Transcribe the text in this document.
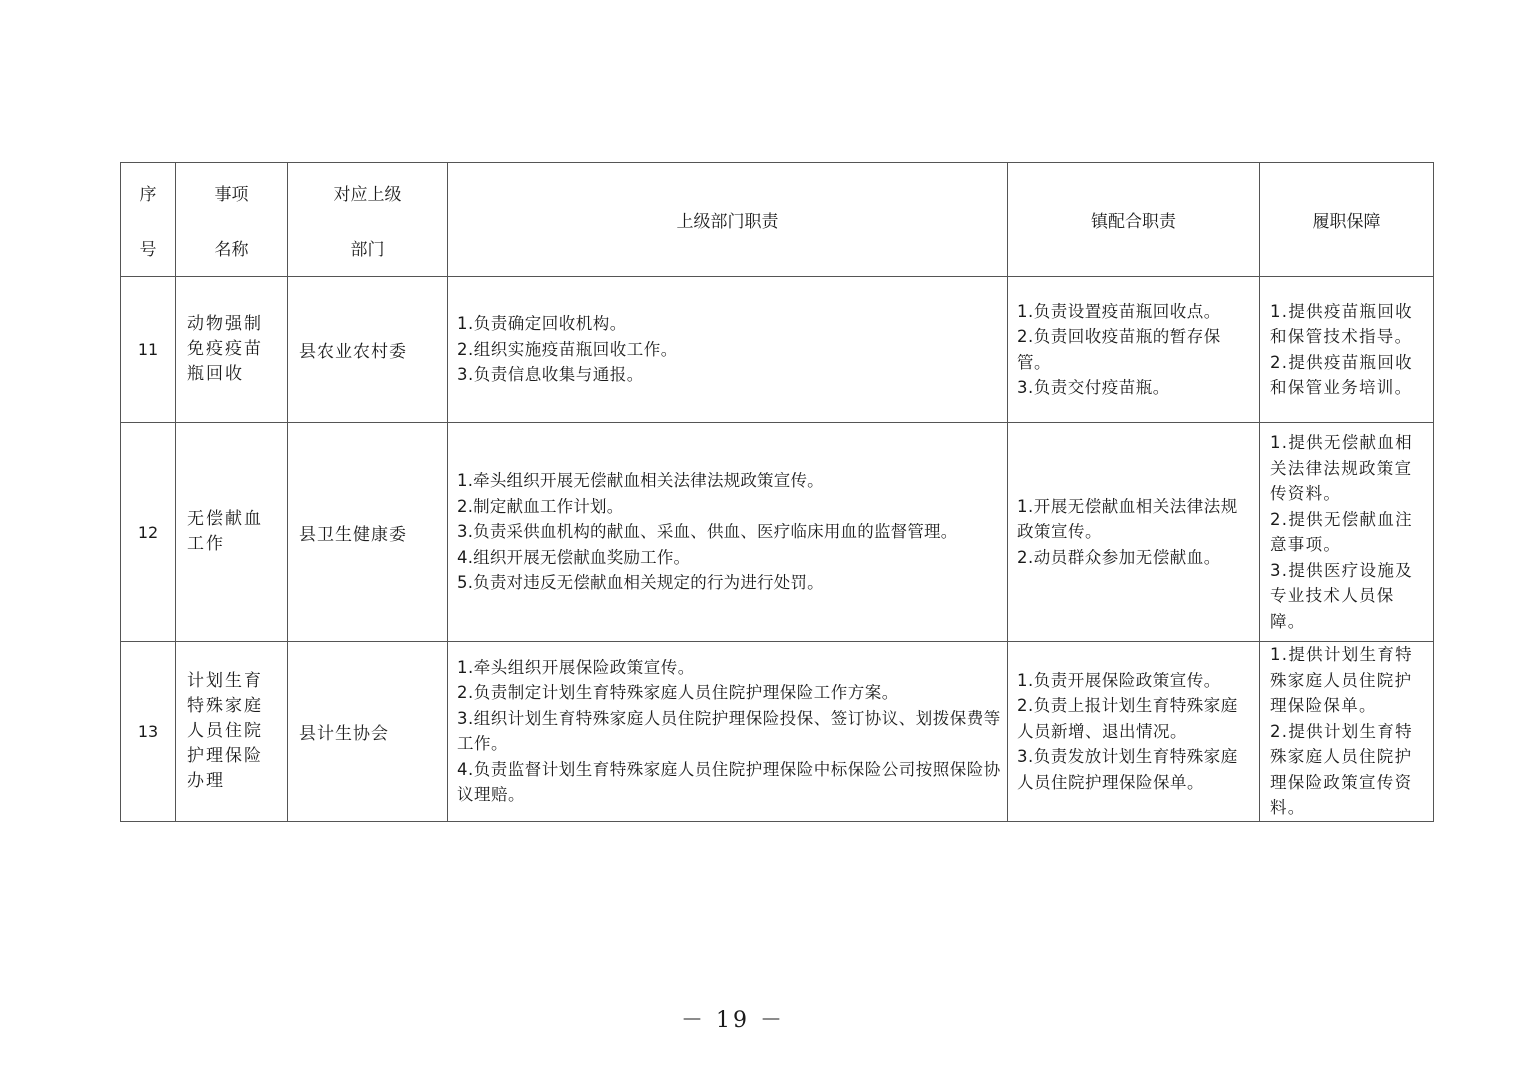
序
号	事项
名称	对应上级
部门	上级部门职责	镇配合职责	履职保障
11	动物强制免疫疫苗瓶回收	县农业农村委	1.负责确定回收机构。
2.组织实施疫苗瓶回收工作。
3.负责信息收集与通报。	1.负责设置疫苗瓶回收点。
2.负责回收疫苗瓶的暂存保管。
3.负责交付疫苗瓶。	1.提供疫苗瓶回收和保管技术指导。
2.提供疫苗瓶回收和保管业务培训。

12	无偿献血工作	县卫生健康委	1.牵头组织开展无偿献血相关法律法规政策宣传。
2.制定献血工作计划。
3.负责采供血机构的献血、采血、供血、医疗临床用血的监督管理。
4.组织开展无偿献血奖励工作。
5.负责对违反无偿献血相关规定的行为进行处罚。	1.开展无偿献血相关法律法规政策宣传。
2.动员群众参加无偿献血。	1.提供无偿献血相关法律法规政策宣传资料。
2.提供无偿献血注意事项。
3.提供医疗设施及专业技术人员保障。

13	计划生育特殊家庭人员住院护理保险办理	县计生协会	1.牵头组织开展保险政策宣传。
2.负责制定计划生育特殊家庭人员住院护理保险工作方案。
3.组织计划生育特殊家庭人员住院护理保险投保、签订协议、划拨保费等工作。
4.负责监督计划生育特殊家庭人员住院护理保险中标保险公司按照保险协议理赔。	1.负责开展保险政策宣传。
2.负责上报计划生育特殊家庭人员新增、退出情况。
3.负责发放计划生育特殊家庭人员住院护理保险保单。	1.提供计划生育特殊家庭人员住院护理保险保单。
2.提供计划生育特殊家庭人员住院护理保险政策宣传资料。
－ 19 －
